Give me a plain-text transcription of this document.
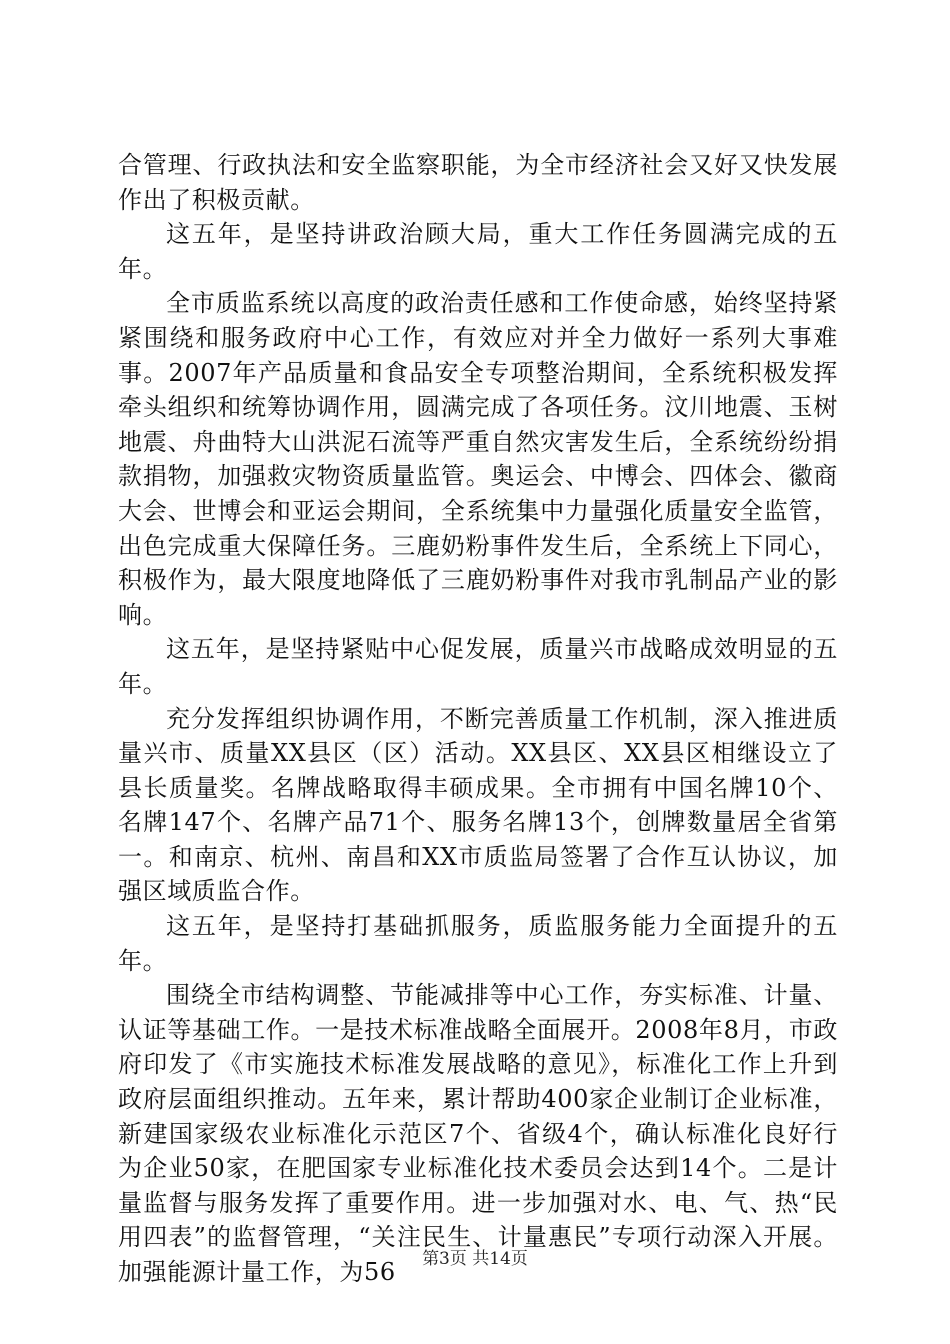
合管理、行政执法和安全监察职能，为全市经济社会又好又快发展作出了积极贡献。

这五年，是坚持讲政治顾大局，重大工作任务圆满完成的五年。

全市质监系统以高度的政治责任感和工作使命感，始终坚持紧紧围绕和服务政府中心工作，有效应对并全力做好一系列大事难事。2007年产品质量和食品安全专项整治期间，全系统积极发挥牵头组织和统筹协调作用，圆满完成了各项任务。汶川地震、玉树地震、舟曲特大山洪泥石流等严重自然灾害发生后，全系统纷纷捐款捐物，加强救灾物资质量监管。奥运会、中博会、四体会、徽商大会、世博会和亚运会期间，全系统集中力量强化质量安全监管，出色完成重大保障任务。三鹿奶粉事件发生后，全系统上下同心，积极作为，最大限度地降低了三鹿奶粉事件对我市乳制品产业的影响。

这五年，是坚持紧贴中心促发展，质量兴市战略成效明显的五年。

充分发挥组织协调作用，不断完善质量工作机制，深入推进质量兴市、质量XX县区（区）活动。XX县区、XX县区相继设立了县长质量奖。名牌战略取得丰硕成果。全市拥有中国名牌10个、名牌147个、名牌产品71个、服务名牌13个，创牌数量居全省第一。和南京、杭州、南昌和XX市质监局签署了合作互认协议，加强区域质监合作。

这五年，是坚持打基础抓服务，质监服务能力全面提升的五年。

围绕全市结构调整、节能减排等中心工作，夯实标准、计量、认证等基础工作。一是技术标准战略全面展开。2008年8月，市政府印发了《市实施技术标准发展战略的意见》，标准化工作上升到政府层面组织推动。五年来，累计帮助400家企业制订企业标准，新建国家级农业标准化示范区7个、省级4个，确认标准化良好行为企业50家，在肥国家专业标准化技术委员会达到14个。二是计量监督与服务发挥了重要作用。进一步加强对水、电、气、热“民用四表”的监督管理，“关注民生、计量惠民”专项行动深入开展。加强能源计量工作，为56	第3页 共14页
